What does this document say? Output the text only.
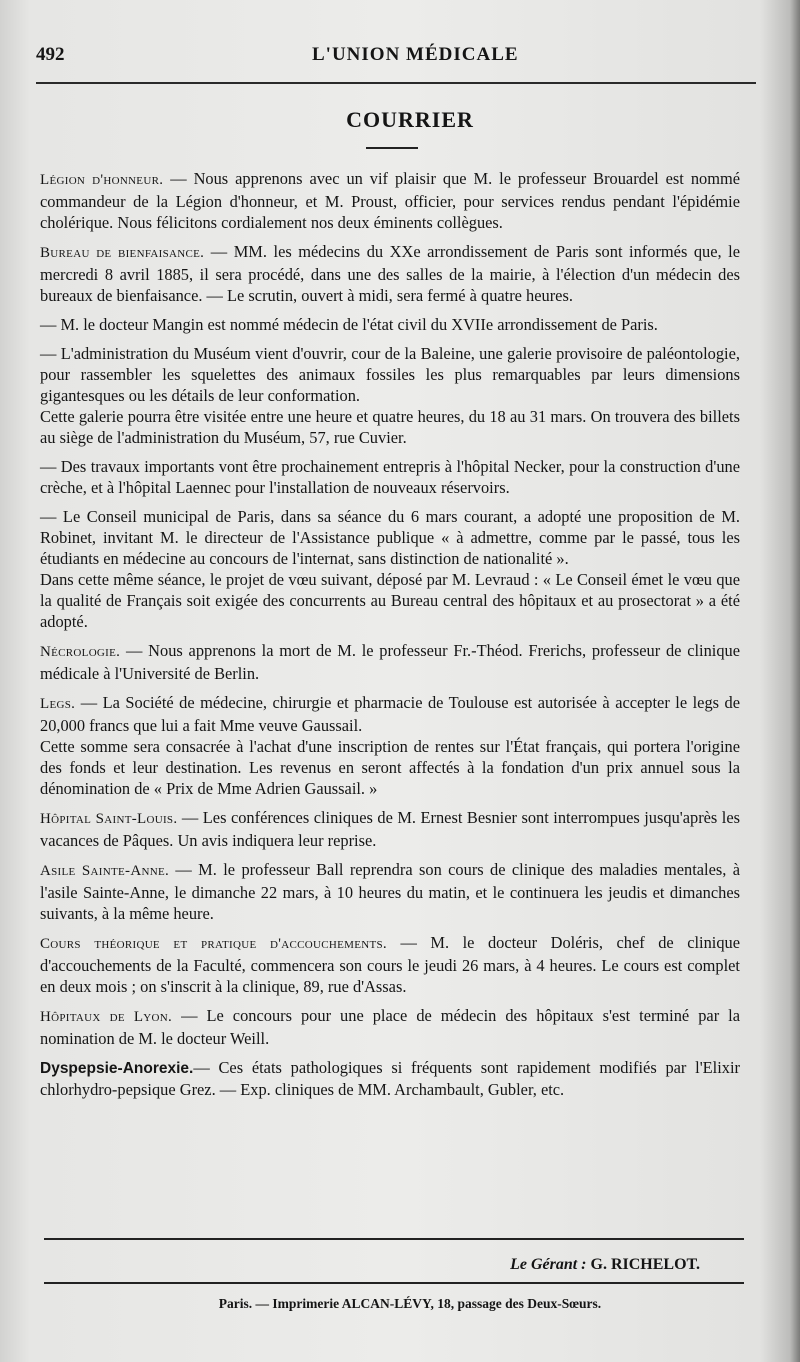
492	L'UNION MÉDICALE
COURRIER

Légion d'honneur. — Nous apprenons avec un vif plaisir que M. le professeur Brouardel est nommé commandeur de la Légion d'honneur, et M. Proust, officier, pour services rendus pendant l'épidémie cholérique. Nous félicitons cordialement nos deux éminents collègues.

Bureau de bienfaisance. — MM. les médecins du XXe arrondissement de Paris sont informés que, le mercredi 8 avril 1885, il sera procédé, dans une des salles de la mairie, à l'élection d'un médecin des bureaux de bienfaisance. — Le scrutin, ouvert à midi, sera fermé à quatre heures.

— M. le docteur Mangin est nommé médecin de l'état civil du XVIIe arrondissement de Paris.

— L'administration du Muséum vient d'ouvrir, cour de la Baleine, une galerie provisoire de paléontologie, pour rassembler les squelettes des animaux fossiles les plus remarquables par leurs dimensions gigantesques ou les détails de leur conformation.

Cette galerie pourra être visitée entre une heure et quatre heures, du 18 au 31 mars. On trouvera des billets au siège de l'administration du Muséum, 57, rue Cuvier.

— Des travaux importants vont être prochainement entrepris à l'hôpital Necker, pour la construction d'une crèche, et à l'hôpital Laennec pour l'installation de nouveaux réservoirs.

— Le Conseil municipal de Paris, dans sa séance du 6 mars courant, a adopté une proposition de M. Robinet, invitant M. le directeur de l'Assistance publique « à admettre, comme par le passé, tous les étudiants en médecine au concours de l'internat, sans distinction de nationalité ».

Dans cette même séance, le projet de vœu suivant, déposé par M. Levraud : « Le Conseil émet le vœu que la qualité de Français soit exigée des concurrents au Bureau central des hôpitaux et au prosectorat » a été adopté.

Nécrologie. — Nous apprenons la mort de M. le professeur Fr.-Théod. Frerichs, professeur de clinique médicale à l'Université de Berlin.

Legs. — La Société de médecine, chirurgie et pharmacie de Toulouse est autorisée à accepter le legs de 20,000 francs que lui a fait Mme veuve Gaussail.

Cette somme sera consacrée à l'achat d'une inscription de rentes sur l'État français, qui portera l'origine des fonds et leur destination. Les revenus en seront affectés à la fondation d'un prix annuel sous la dénomination de « Prix de Mme Adrien Gaussail. »

Hôpital Saint-Louis. — Les conférences cliniques de M. Ernest Besnier sont interrompues jusqu'après les vacances de Pâques. Un avis indiquera leur reprise.

Asile Sainte-Anne. — M. le professeur Ball reprendra son cours de clinique des maladies mentales, à l'asile Sainte-Anne, le dimanche 22 mars, à 10 heures du matin, et le continuera les jeudis et dimanches suivants, à la même heure.

Cours théorique et pratique d'accouchements. — M. le docteur Doléris, chef de clinique d'accouchements de la Faculté, commencera son cours le jeudi 26 mars, à 4 heures. Le cours est complet en deux mois ; on s'inscrit à la clinique, 89, rue d'Assas.

Hôpitaux de Lyon. — Le concours pour une place de médecin des hôpitaux s'est terminé par la nomination de M. le docteur Weill.

Dyspepsie-Anorexie.— Ces états pathologiques si fréquents sont rapidement modifiés par l'Elixir chlorhydro-pepsique Grez. — Exp. cliniques de MM. Archambault, Gubler, etc.

Le Gérant : G. RICHELOT.
Paris. — Imprimerie ALCAN-LÉVY, 18, passage des Deux-Sœurs.
